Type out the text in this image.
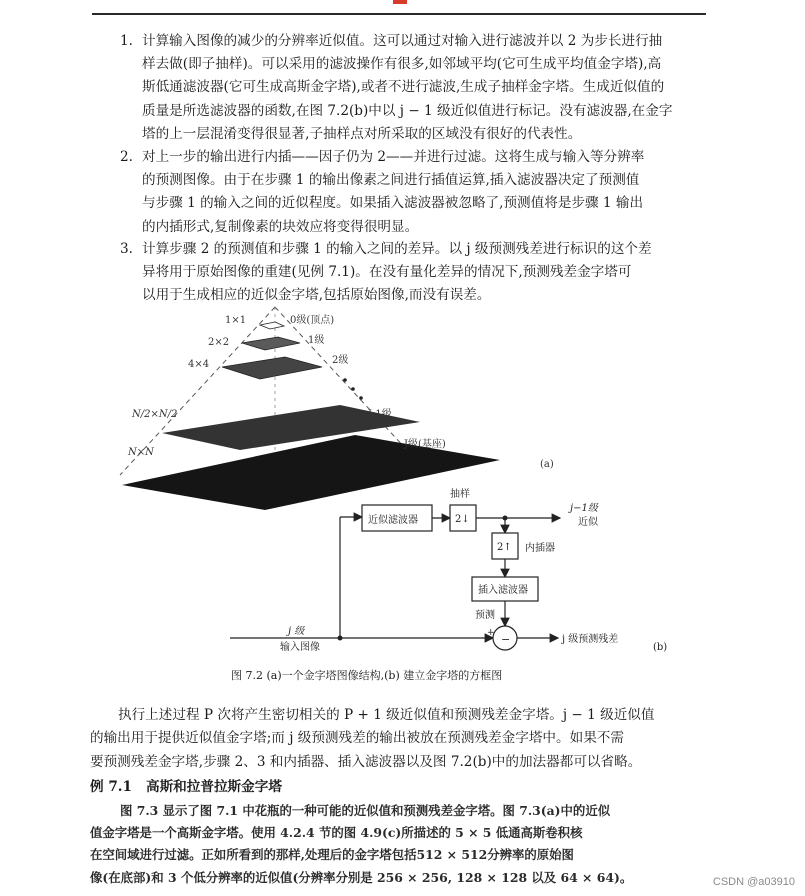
1. 计算输入图像的减少的分辨率近似值。这可以通过对输入进行滤波并以 2 为步长进行抽
样去做(即子抽样)。可以采用的滤波操作有很多,如邻域平均(它可生成平均值金字塔),高
斯低通滤波器(它可生成高斯金字塔),或者不进行滤波,生成子抽样金字塔。生成近似值的
质量是所选滤波器的函数,在图 7.2(b)中以 j − 1 级近似值进行标记。没有滤波器,在金字
塔的上一层混淆变得很显著,子抽样点对所采取的区域没有很好的代表性。
2. 对上一步的输出进行内插——因子仍为 2——并进行过滤。这将生成与输入等分辨率
的预测图像。由于在步骤 1 的输出像素之间进行插值运算,插入滤波器决定了预测值
与步骤 1 的输入之间的近似程度。如果插入滤波器被忽略了,预测值将是步骤 1 输出
的内插形式,复制像素的块效应将变得很明显。
3. 计算步骤 2 的预测值和步骤 1 的输入之间的差异。以 j 级预测残差进行标识的这个差
异将用于原始图像的重建(见例 7.1)。在没有量化差异的情况下,预测残差金字塔可
以用于生成相应的近似金字塔,包括原始图像,而没有误差。
1×1
2×2
4×4
N/2×N/2
N×N
0级(顶点)
1级
2级
J-1级
J级(基座)
(a)
近似滤波器	2↓
抽样
j−1级
近似
2↑ 内插器
插入滤波器
预测
+ −	j 级预测残差
j 级
输入图像	(b)
图 7.2 (a)一个金字塔图像结构,(b) 建立金字塔的方框图
执行上述过程 P 次将产生密切相关的 P + 1 级近似值和预测残差金字塔。j − 1 级近似值
的输出用于提供近似值金字塔;而 j 级预测残差的输出被放在预测残差金字塔中。如果不需
要预测残差金字塔,步骤 2、3 和内插器、插入滤波器以及图 7.2(b)中的加法器都可以省略。
例 7.1 高斯和拉普拉斯金字塔
图 7.3 显示了图 7.1 中花瓶的一种可能的近似值和预测残差金字塔。图 7.3(a)中的近似
值金字塔是一个高斯金字塔。使用 4.2.4 节的图 4.9(c)所描述的 5 × 5 低通高斯卷积核
在空间域进行过滤。正如所看到的那样,处理后的金字塔包括512 × 512分辨率的原始图
像(在底部)和 3 个低分辨率的近似值(分辨率分别是 256 × 256, 128 × 128 以及 64 × 64)。	CSDN @a03910
